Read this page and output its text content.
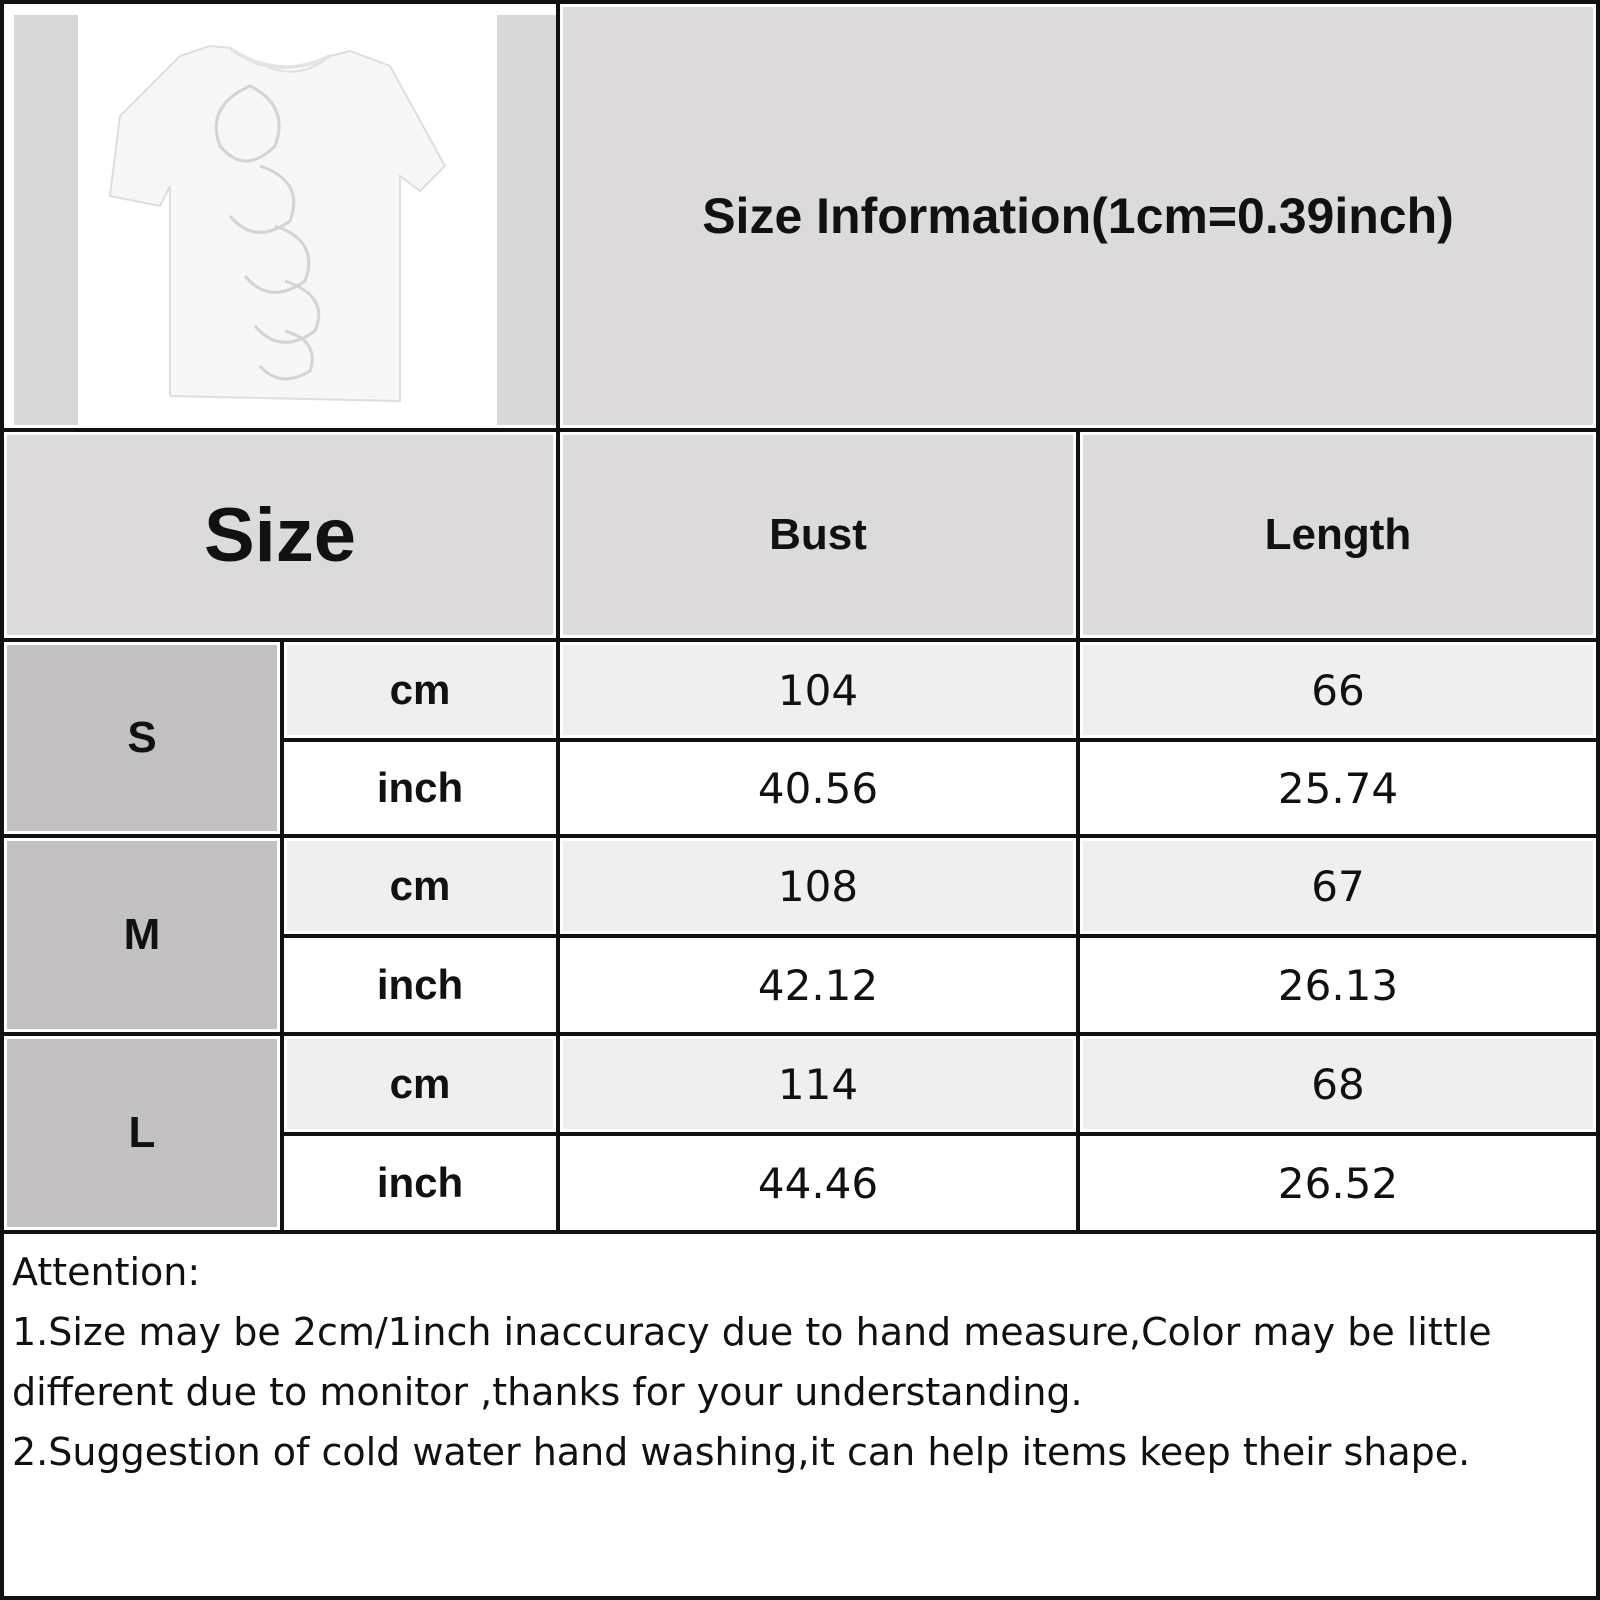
Size Information(1cm=0.39inch)
Size	Bust	Length
S
cm	104	66
inch	40.56	25.74
M
cm	108	67
inch	42.12	26.13
L
cm	114	68
inch	44.46	26.52

Attention:

1.Size may be 2cm/1inch inaccuracy due to hand measure,Color may be little different due to monitor ,thanks for your understanding.

2.Suggestion of cold water hand washing,it can help items keep their shape.
